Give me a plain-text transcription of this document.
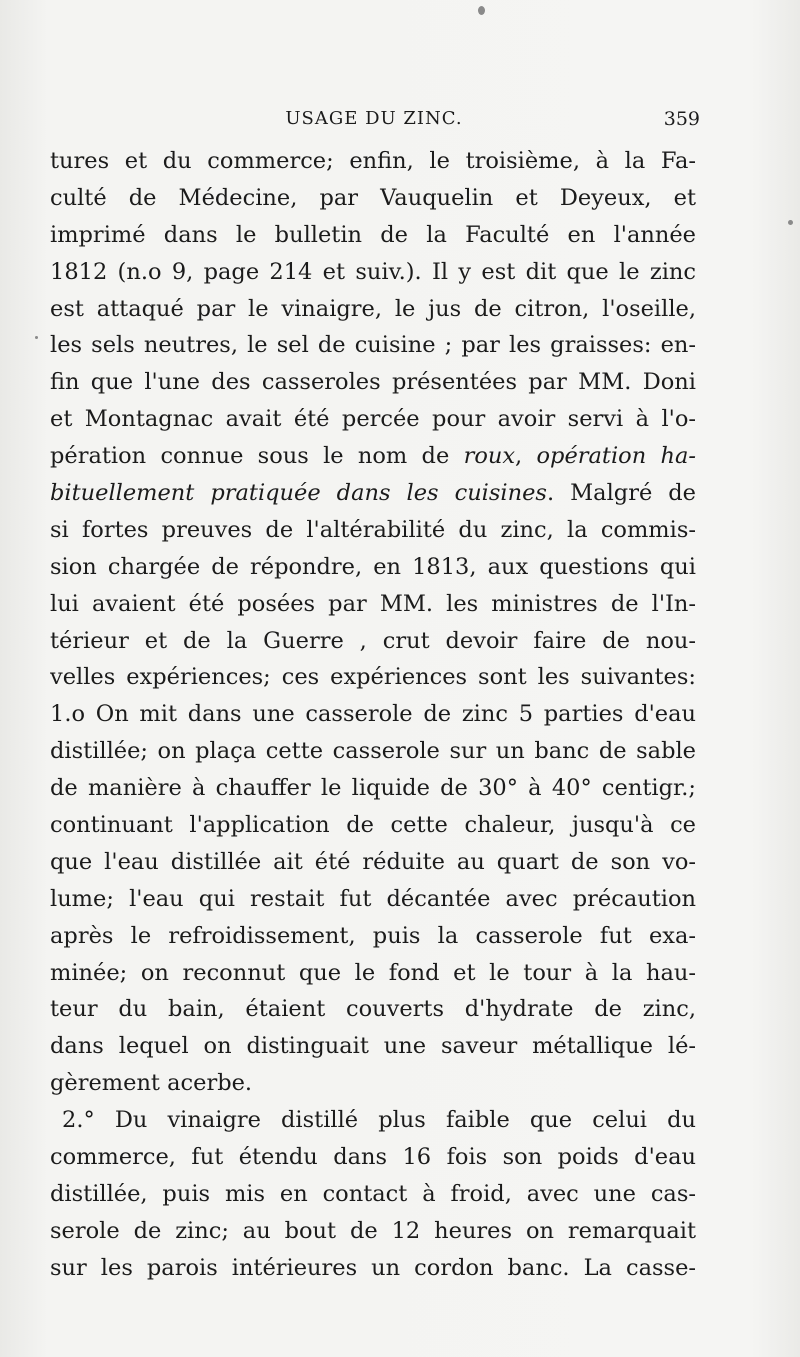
USAGE DU ZINC.	359
tures et du commerce; enfin, le troisième, à la Fa-
culté de Médecine, par Vauquelin et Deyeux, et
imprimé dans le bulletin de la Faculté en l'année
1812 (n.o 9, page 214 et suiv.). Il y est dit que le zinc
est attaqué par le vinaigre, le jus de citron, l'oseille,
les sels neutres, le sel de cuisine ; par les graisses: en-
fin que l'une des casseroles présentées par MM. Doni
et Montagnac avait été percée pour avoir servi à l'o-
pération connue sous le nom de roux, opération ha-
bituellement pratiquée dans les cuisines. Malgré de
si fortes preuves de l'altérabilité du zinc, la commis-
sion chargée de répondre, en 1813, aux questions qui
lui avaient été posées par MM. les ministres de l'In-
térieur et de la Guerre , crut devoir faire de nou-
velles expériences; ces expériences sont les suivantes:
1.o On mit dans une casserole de zinc 5 parties d'eau
distillée; on plaça cette casserole sur un banc de sable
de manière à chauffer le liquide de 30° à 40° centigr.;
continuant l'application de cette chaleur, jusqu'à ce
que l'eau distillée ait été réduite au quart de son vo-
lume; l'eau qui restait fut décantée avec précaution
après le refroidissement, puis la casserole fut exa-
minée; on reconnut que le fond et le tour à la hau-
teur du bain, étaient couverts d'hydrate de zinc,
dans lequel on distinguait une saveur métallique lé-
gèrement acerbe.
2.° Du vinaigre distillé plus faible que celui du
commerce, fut étendu dans 16 fois son poids d'eau
distillée, puis mis en contact à froid, avec une cas-
serole de zinc; au bout de 12 heures on remarquait
sur les parois intérieures un cordon banc. La casse-
